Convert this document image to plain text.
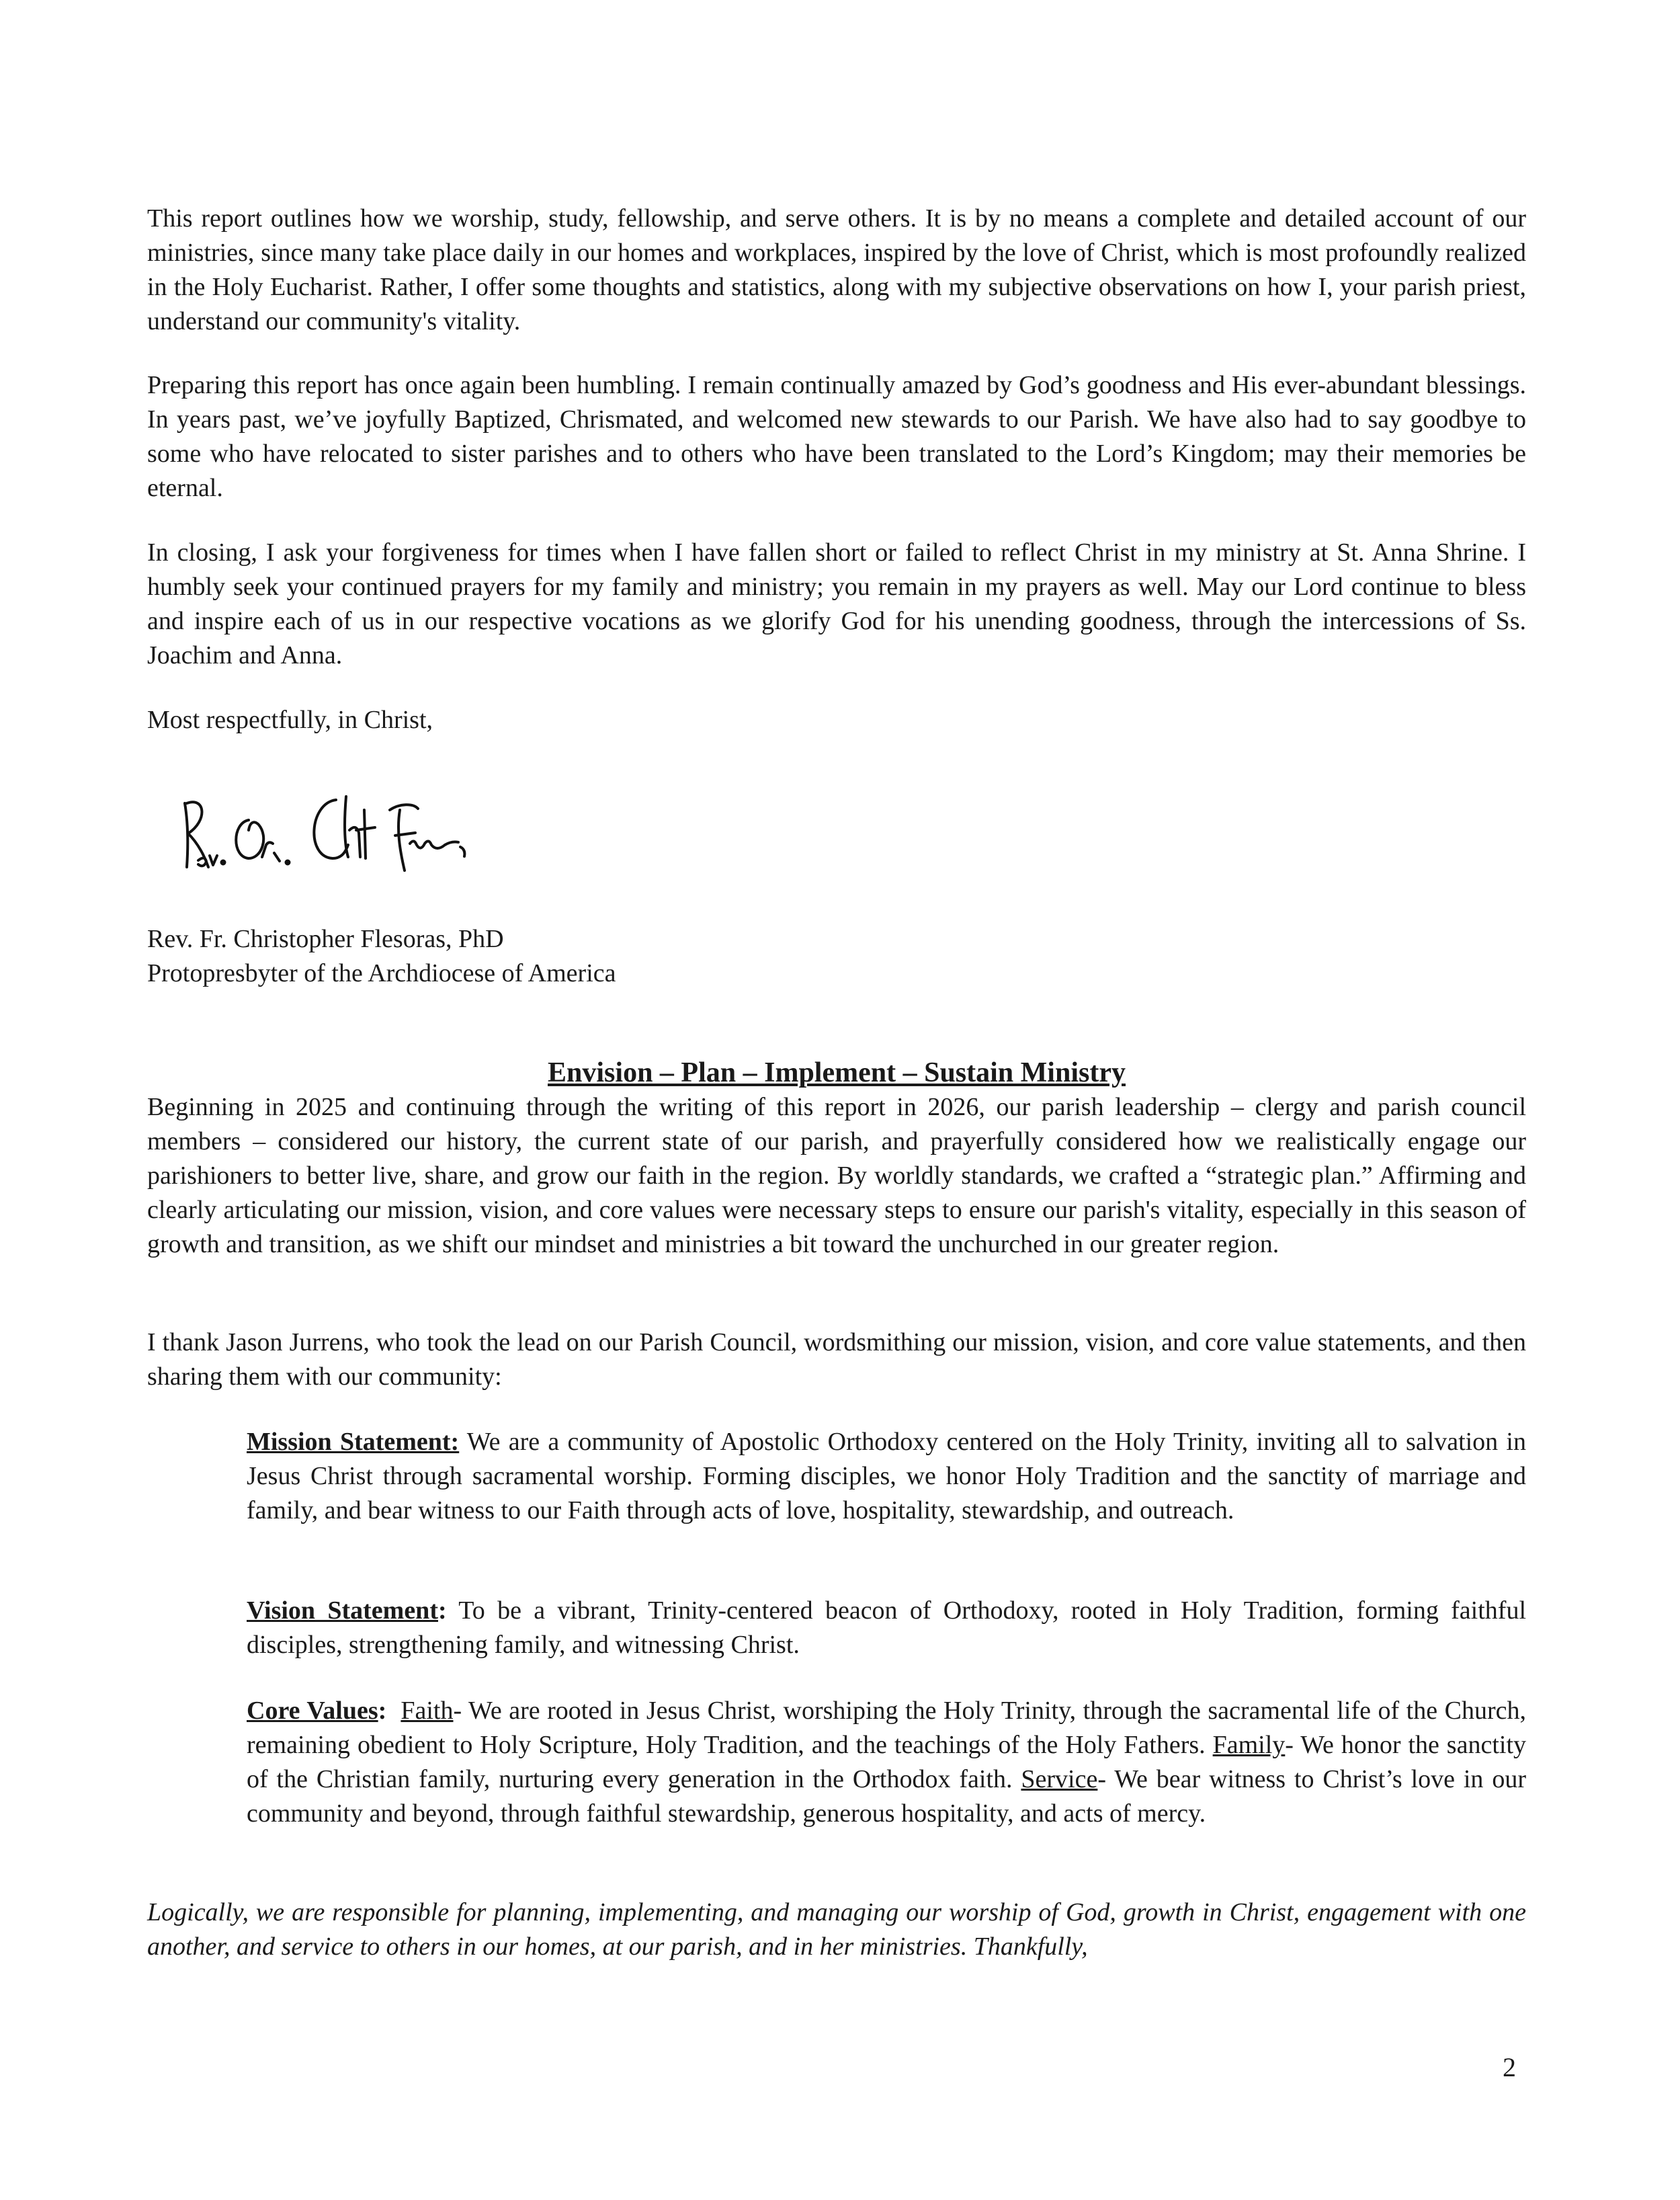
This report outlines how we worship, study, fellowship, and serve others. It is by no means a complete and detailed account of our ministries, since many take place daily in our homes and workplaces, inspired by the love of Christ, which is most profoundly realized in the Holy Eucharist. Rather, I offer some thoughts and statistics, along with my subjective observations on how I, your parish priest, understand our community's vitality.

Preparing this report has once again been humbling. I remain continually amazed by God’s goodness and His ever-abundant blessings. In years past, we’ve joyfully Baptized, Chrismated, and welcomed new stewards to our Parish. We have also had to say goodbye to some who have relocated to sister parishes and to others who have been translated to the Lord’s Kingdom; may their memories be eternal.

In closing, I ask your forgiveness for times when I have fallen short or failed to reflect Christ in my ministry at St. Anna Shrine. I humbly seek your continued prayers for my family and ministry; you remain in my prayers as well. May our Lord continue to bless and inspire each of us in our respective vocations as we glorify God for his unending goodness, through the intercessions of Ss. Joachim and Anna.

Most respectfully, in Christ,

Rev. Fr. Christopher Flesoras, PhD

Protopresbyter of the Archdiocese of America

Envision – Plan – Implement – Sustain Ministry

Beginning in 2025 and continuing through the writing of this report in 2026, our parish leadership – clergy and parish council members – considered our history, the current state of our parish, and prayerfully considered how we realistically engage our parishioners to better live, share, and grow our faith in the region. By worldly standards, we crafted a “strategic plan.” Affirming and clearly articulating our mission, vision, and core values were necessary steps to ensure our parish's vitality, especially in this season of growth and transition, as we shift our mindset and ministries a bit toward the unchurched in our greater region.

I thank Jason Jurrens, who took the lead on our Parish Council, wordsmithing our mission, vision, and core value statements, and then sharing them with our community:

Mission Statement: We are a community of Apostolic Orthodoxy centered on the Holy Trinity, inviting all to salvation in Jesus Christ through sacramental worship. Forming disciples, we honor Holy Tradition and the sanctity of marriage and family, and bear witness to our Faith through acts of love, hospitality, stewardship, and outreach.

Vision Statement: To be a vibrant, Trinity-centered beacon of Orthodoxy, rooted in Holy Tradition, forming faithful disciples, strengthening family, and witnessing Christ.

Core Values: Faith- We are rooted in Jesus Christ, worshiping the Holy Trinity, through the sacramental life of the Church, remaining obedient to Holy Scripture, Holy Tradition, and the teachings of the Holy Fathers. Family- We honor the sanctity of the Christian family, nurturing every generation in the Orthodox faith. Service- We bear witness to Christ’s love in our community and beyond, through faithful stewardship, generous hospitality, and acts of mercy.

Logically, we are responsible for planning, implementing, and managing our worship of God, growth in Christ, engagement with one another, and service to others in our homes, at our parish, and in her ministries. Thankfully,

2
